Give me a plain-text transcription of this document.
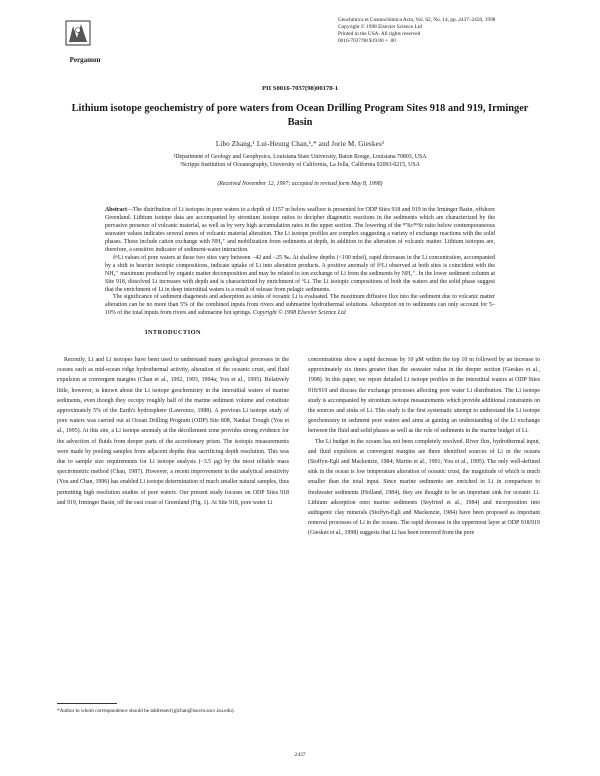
Pergamon
Geochimica et Cosmochimica Acta, Vol. 62, No. 14, pp. 2437–2450, 1998
Copyright © 1998 Elsevier Science Ltd
Printed in the USA. All rights reserved
0016-7037/98 $19.00 + .00
PII S0016-7037(98)00178-1
Lithium isotope geochemistry of pore waters from Ocean Drilling Program Sites 918 and 919, Irminger Basin
Libo Zhang,¹ Lui-Heung Chan,¹,* and Jorie M. Gieskes²
¹Department of Geology and Geophysics, Louisiana State University, Baton Rouge, Louisiana 70803, USA
²Scripps Institution of Oceanography, University of California, La Jolla, California 92093-0215, USA
(Received November 12, 1997; accepted in revised form May 8, 1998)

Abstract—The distribution of Li isotopes in pore waters to a depth of 1157 m below seafloor is presented for ODP Sites 918 and 919 in the Irminger Basin, offshore Greenland. Lithium isotope data are accompanied by strontium isotope ratios to decipher diagenetic reactions in the sediments which are characterized by the pervasive presence of volcanic material, as well as by very high accumulation rates in the upper section. The lowering of the ⁸⁷Sr/⁸⁶Sr ratio below contemporaneous seawater values indicates several zones of volcanic material alteration. The Li isotope profiles are complex suggesting a variety of exchange reactions with the solid phases. These include cation exchange with NH₄⁺ and mobilization from sediments at depth, in addition to the alteration of volcanic matter. Lithium isotopes are, therefore, a sensitive indicator of sediment-water interaction.

δ⁶Li values of pore waters at these two sites vary between −42 and −25 ‰. At shallow depths (<100 mbsf), rapid decreases in the Li concentration, accompanied by a shift to heavier isotopic compositions, indicate uptake of Li into alteration products. A positive anomaly of δ⁶Li observed at both sites is coincident with the NH₄⁺ maximum produced by organic matter decomposition and may be related to ion exchange of Li from the sediments by NH₄⁺. In the lower sediment column at Site 918, dissolved Li increases with depth and is characterized by enrichment of ⁶Li. The Li isotopic compositions of both the waters and the solid phase suggest that the enrichment of Li in deep interstitial waters is a result of release from pelagic sediments.

The significance of sediment diagenesis and adsorption as sinks of oceanic Li is evaluated. The maximum diffusive flux into the sediment due to volcanic matter alteration can be no more than 5% of the combined inputs from rivers and submarine hydrothermal solutions. Adsorption on to sediments can only account for 5–10% of the total inputs from rivers and submarine hot springs. Copyright © 1998 Elsevier Science Ltd

INTRODUCTION

Recently, Li and Li isotopes have been used to understand many geological processes in the oceans such as mid-ocean ridge hydrothermal activity, alteration of the oceanic crust, and fluid expulsion at convergent margins (Chan et al., 1992, 1993, 1994a; You et al., 1995). Relatively little, however, is known about the Li isotope geochemistry in the interstitial waters of marine sediments, even though they occupy roughly half of the marine sediment volume and constitute approximately 5% of the Earth's hydrosphere (Lawrence, 1988). A previous Li isotope study of pore waters was carried out at Ocean Drilling Program (ODP) Site 808, Nankai Trough (You et al., 1995). At this site, a Li isotope anomaly at the décollement zone provides strong evidence for the advection of fluids from deeper parts of the accretionary prism. The isotopic measurements were made by pooling samples from adjacent depths thus sacrificing depth resolution. This was due to sample size requirements for Li isotope analysis (~3.5 μg) by the most reliable mass spectrometric method (Chan, 1987). However, a recent improvement in the analytical sensitivity (You and Chan, 1996) has enabled Li isotope determination of much smaller natural samples, thus permitting high resolution studies of pore waters. Our present study focuses on ODP Sites 918 and 919, Irminger Basin, off the east coast of Greenland (Fig. 1). At Site 918, pore water Li

concentrations show a rapid decrease by 10 μM within the top 10 m followed by an increase to approximately six times greater than the seawater value in the deeper section (Gieskes et al., 1998). In this paper, we report detailed Li isotope profiles in the interstitial waters at ODP Sites 918/919 and discuss the exchange processes affecting pore water Li distribution. The Li isotope study is accompanied by strontium isotope measurements which provide additional constraints on the sources and sinks of Li. This study is the first systematic attempt to understand the Li isotope geochemistry in sediment pore waters and aims at gaining an understanding of the Li exchange between the fluid and solid phases as well as the role of sediments in the marine budget of Li.

The Li budget in the oceans has not been completely resolved. River flux, hydrothermal input, and fluid expulsion at convergent margins are three identified sources of Li in the oceans (Stoffyn-Egli and Mackenzie, 1984; Martin et al., 1991; You et al., 1995). The only well-defined sink in the ocean is low temperature alteration of oceanic crust, the magnitude of which is much smaller than the total input. Since marine sediments are enriched in Li in comparison to freshwater sediments (Holland, 1984), they are thought to be an important sink for oceanic Li. Lithium adsorption onto marine sediments (Seyfried et al., 1984) and incorporation into authigenic clay minerals (Stoffyn-Egli and Mackenzie, 1984) have been proposed as important removal processes of Li in the oceans. The rapid decrease in the uppermost layer at ODP 918/919 (Gieskes et al., 1998) suggests that Li has been removed from the pore

*Author to whom correspondence should be addressed (glchan@lsuvm.sncc.lsu.edu).
2437
